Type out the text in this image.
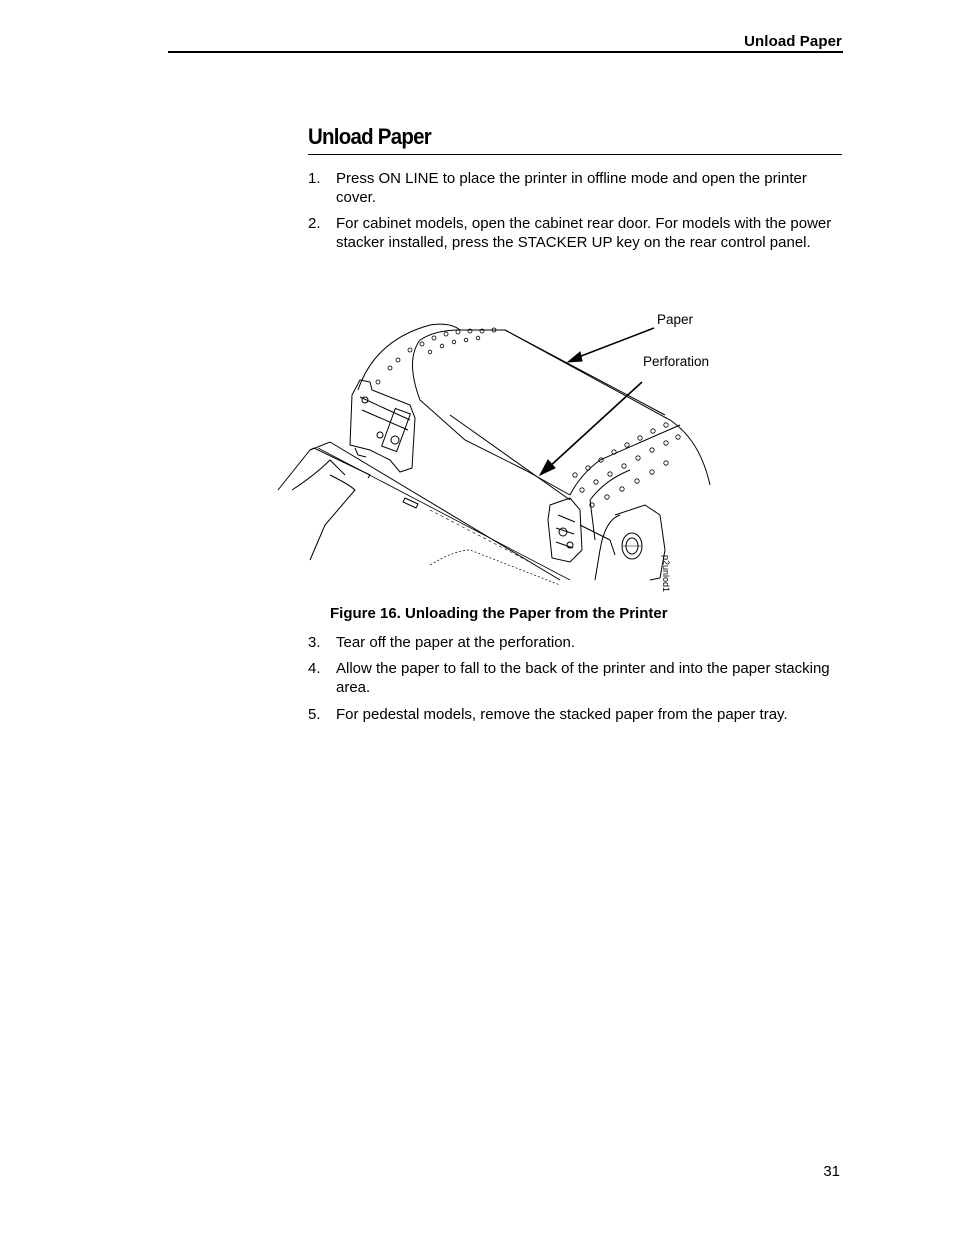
Unload Paper
Unload Paper
1. Press ON LINE to place the printer in offline mode and open the printer cover.
2. For cabinet models, open the cabinet rear door. For models with the power stacker installed, press the STACKER UP key on the rear control panel.
Paper
Perforation
p2unlod1
Figure 16. Unloading the Paper from the Printer
3. Tear off the paper at the perforation.
4. Allow the paper to fall to the back of the printer and into the paper stacking area.
5. For pedestal models, remove the stacked paper from the paper tray.
31
